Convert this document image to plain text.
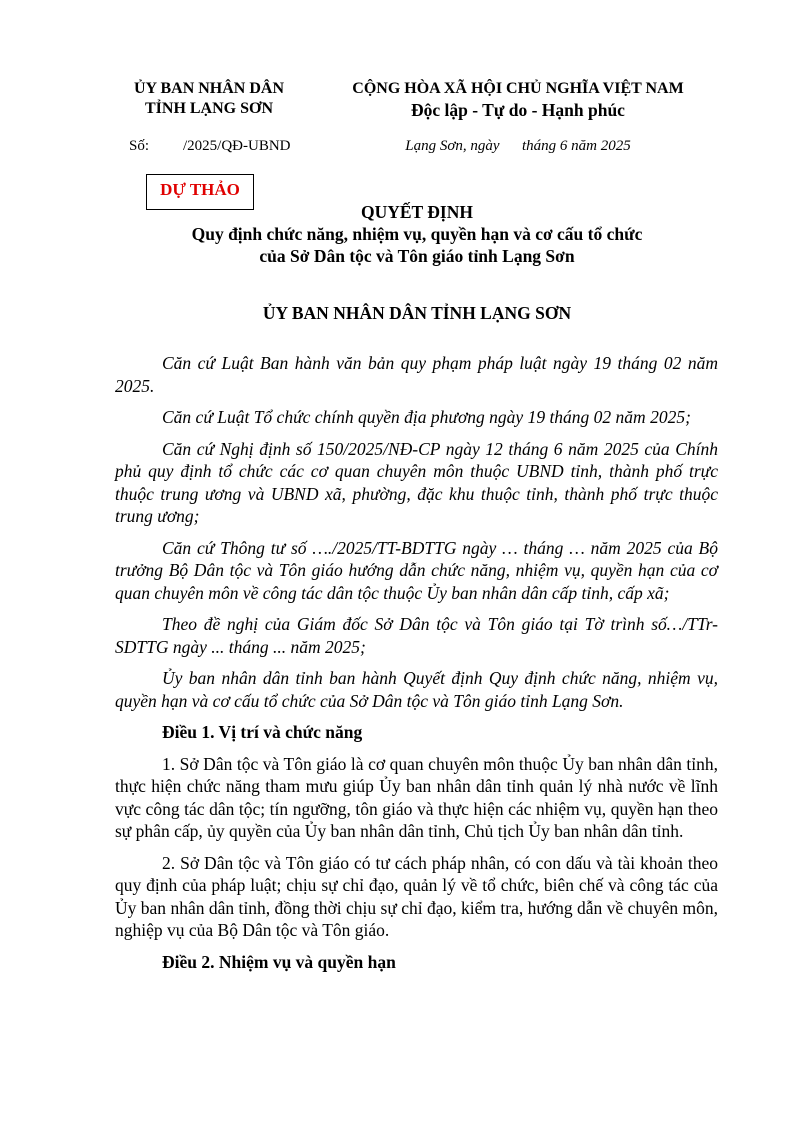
ỦY BAN NHÂN DÂN
TỈNH LẠNG SƠN
CỘNG HÒA XÃ HỘI CHỦ NGHĨA VIỆT NAM
Độc lập - Tự do - Hạnh phúc
Số: /2025/QĐ-UBND	Lạng Sơn, ngày      tháng 6 năm 2025
DỰ THẢO
QUYẾT ĐỊNH
Quy định chức năng, nhiệm vụ, quyền hạn và cơ cấu tổ chức
của Sở Dân tộc và Tôn giáo tỉnh Lạng Sơn
ỦY BAN NHÂN DÂN TỈNH LẠNG SƠN

Căn cứ Luật Ban hành văn bản quy phạm pháp luật ngày 19 tháng 02 năm 2025.

Căn cứ Luật Tổ chức chính quyền địa phương ngày 19 tháng 02 năm 2025;

Căn cứ Nghị định số 150/2025/NĐ-CP ngày 12 tháng 6 năm 2025 của Chính phủ quy định tổ chức các cơ quan chuyên môn thuộc UBND tỉnh, thành phố trực thuộc trung ương và UBND xã, phường, đặc khu thuộc tỉnh, thành phố trực thuộc trung ương;

Căn cứ Thông tư số …./2025/TT-BDTTG ngày … tháng … năm 2025 của Bộ trưởng Bộ Dân tộc và Tôn giáo hướng dẫn chức năng, nhiệm vụ, quyền hạn của cơ quan chuyên môn về công tác dân tộc thuộc Ủy ban nhân dân cấp tỉnh, cấp xã;

Theo đề nghị của Giám đốc Sở Dân tộc và Tôn giáo tại Tờ trình số…/TTr-SDTTG ngày ... tháng ... năm 2025;

Ủy ban nhân dân tỉnh ban hành Quyết định Quy định chức năng, nhiệm vụ, quyền hạn và cơ cấu tổ chức của Sở Dân tộc và Tôn giáo tỉnh Lạng Sơn.

Điều 1. Vị trí và chức năng

1. Sở Dân tộc và Tôn giáo là cơ quan chuyên môn thuộc Ủy ban nhân dân tỉnh, thực hiện chức năng tham mưu giúp Ủy ban nhân dân tỉnh quản lý nhà nước về lĩnh vực công tác dân tộc; tín ngưỡng, tôn giáo và thực hiện các nhiệm vụ, quyền hạn theo sự phân cấp, ủy quyền của Ủy ban nhân dân tỉnh, Chủ tịch Ủy ban nhân dân tỉnh.

2. Sở Dân tộc và Tôn giáo có tư cách pháp nhân, có con dấu và tài khoản theo quy định của pháp luật; chịu sự chỉ đạo, quản lý về tổ chức, biên chế và công tác của Ủy ban nhân dân tỉnh, đồng thời chịu sự chỉ đạo, kiểm tra, hướng dẫn về chuyên môn, nghiệp vụ của Bộ Dân tộc và Tôn giáo.

Điều 2. Nhiệm vụ và quyền hạn
